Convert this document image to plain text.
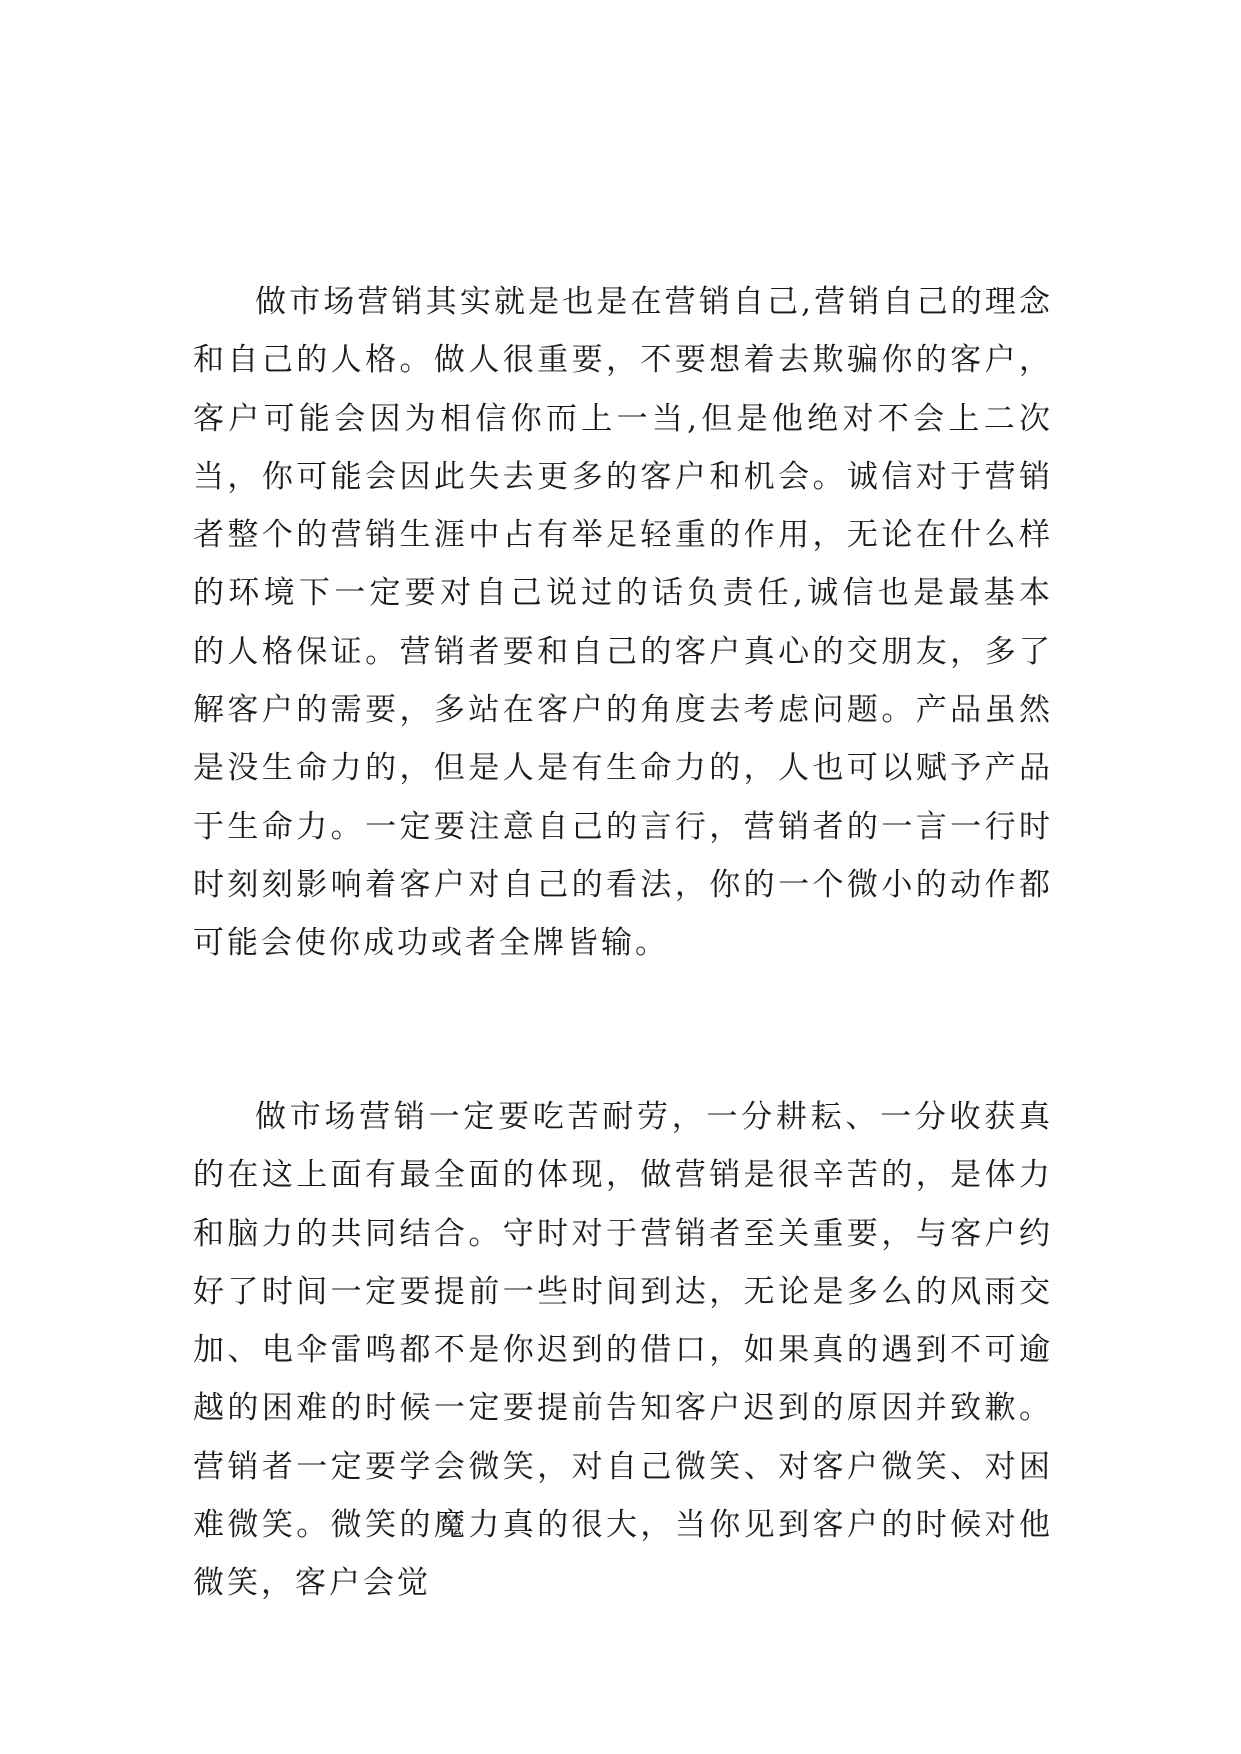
做市场营销其实就是也是在营销自己,营销自己的理念和自己的人格。做人很重要，不要想着去欺骗你的客户，客户可能会因为相信你而上一当,但是他绝对不会上二次当，你可能会因此失去更多的客户和机会。诚信对于营销者整个的营销生涯中占有举足轻重的作用，无论在什么样的环境下一定要对自己说过的话负责任,诚信也是最基本的人格保证。营销者要和自己的客户真心的交朋友，多了解客户的需要，多站在客户的角度去考虑问题。产品虽然是没生命力的，但是人是有生命力的，人也可以赋予产品于生命力。一定要注意自己的言行，营销者的一言一行时时刻刻影响着客户对自己的看法，你的一个微小的动作都可能会使你成功或者全牌皆输。

做市场营销一定要吃苦耐劳，一分耕耘、一分收获真的在这上面有最全面的体现，做营销是很辛苦的，是体力和脑力的共同结合。守时对于营销者至关重要，与客户约好了时间一定要提前一些时间到达，无论是多么的风雨交加、电伞雷鸣都不是你迟到的借口，如果真的遇到不可逾越的困难的时候一定要提前告知客户迟到的原因并致歉。营销者一定要学会微笑，对自己微笑、对客户微笑、对困难微笑。微笑的魔力真的很大，当你见到客户的时候对他微笑，客户会觉
